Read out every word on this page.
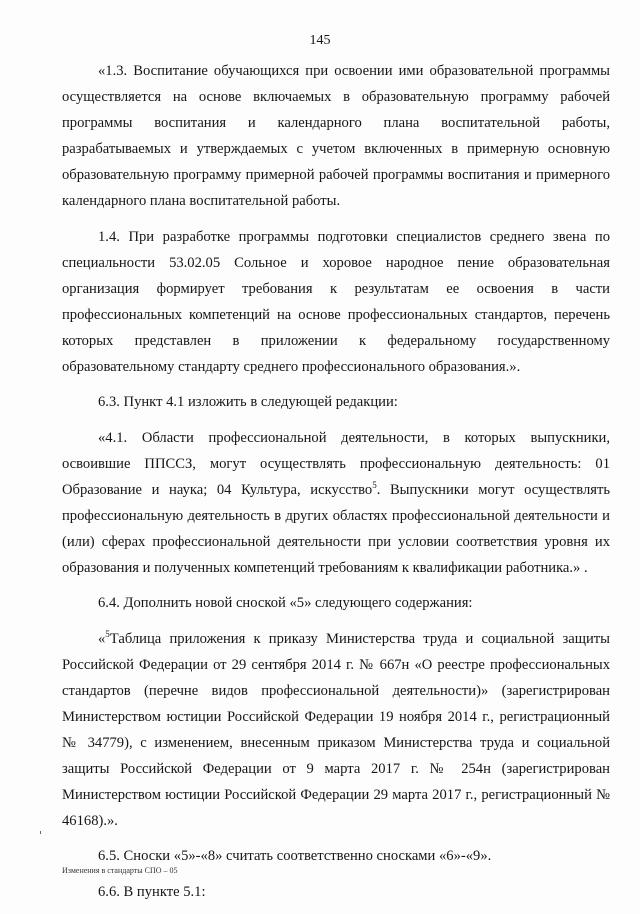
145

«1.3. Воспитание обучающихся при освоении ими образовательной программы осуществляется на основе включаемых в образовательную программу рабочей программы воспитания и календарного плана воспитательной работы, разрабатываемых и утверждаемых с учетом включенных в примерную основную образовательную программу примерной рабочей программы воспитания и примерного календарного плана воспитательной работы.

1.4. При разработке программы подготовки специалистов среднего звена по специальности 53.02.05 Сольное и хоровое народное пение образовательная организация формирует требования к результатам ее освоения в части профессиональных компетенций на основе профессиональных стандартов, перечень которых представлен в приложении к федеральному государственному образовательному стандарту среднего профессионального образования.».

6.3. Пункт 4.1 изложить в следующей редакции:

«4.1. Области профессиональной деятельности, в которых выпускники, освоившие ППССЗ, могут осуществлять профессиональную деятельность: 01 Образование и наука; 04 Культура, искусство$^5$. Выпускники могут осуществлять профессиональную деятельность в других областях профессиональной деятельности и (или) сферах профессиональной деятельности при условии соответствия уровня их образования и полученных компетенций требованиям к квалификации работника.» .

6.4. Дополнить новой сноской «5» следующего содержания:

«$^5$Таблица приложения к приказу Министерства труда и социальной защиты Российской Федерации от 29 сентября 2014 г. № 667н «О реестре профессиональных стандартов (перечне видов профессиональной деятельности)» (зарегистрирован Министерством юстиции Российской Федерации 19 ноября 2014 г., регистрационный № 34779), с изменением, внесенным приказом Министерства труда и социальной защиты Российской Федерации от 9 марта 2017 г. № 254н (зарегистрирован Министерством юстиции Российской Федерации 29 марта 2017 г., регистрационный № 46168).».

6.5. Сноски «5»-«8» считать соответственно сносками «6»-«9».

6.6. В пункте 5.1:

Изменения в стандарты СПО – 05
